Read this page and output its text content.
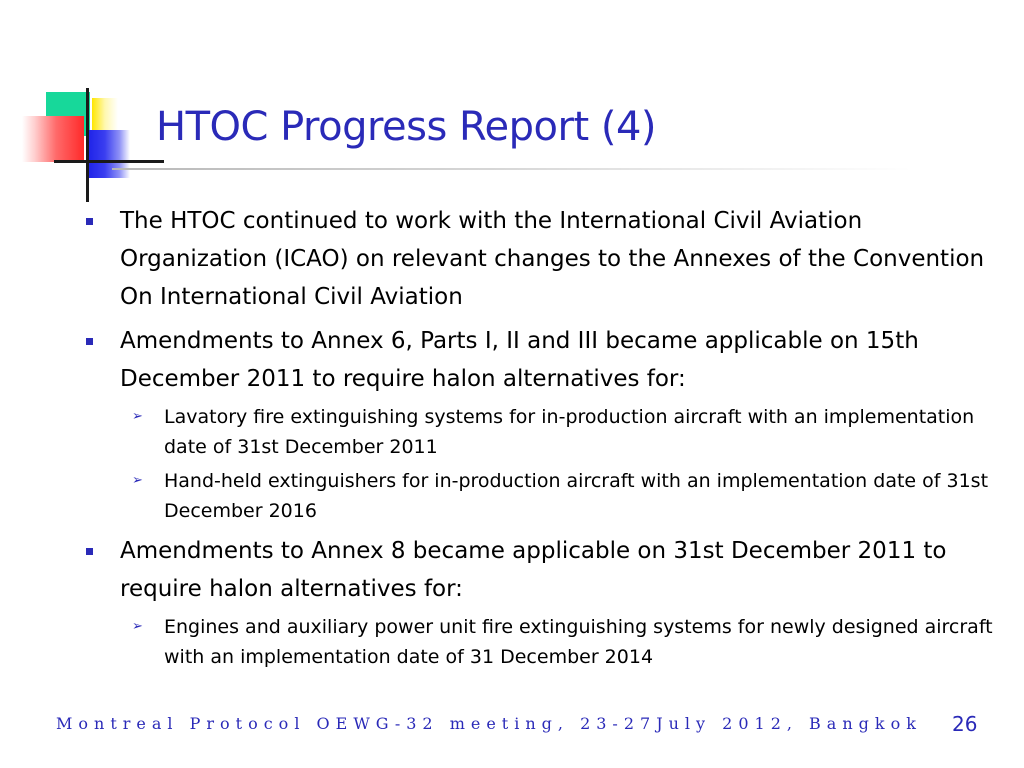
HTOC Progress Report (4)
The HTOC continued to work with the International Civil Aviation Organization (ICAO) on relevant changes to the Annexes of the Convention On International Civil Aviation
Amendments to Annex 6, Parts I, II and III became applicable on 15th December 2011 to require halon alternatives for:
➢ Lavatory fire extinguishing systems for in-production aircraft with an implementation date of 31st December 2011
➢ Hand-held extinguishers for in-production aircraft with an implementation date of 31st December 2016
Amendments to Annex 8 became applicable on 31st December 2011 to require halon alternatives for:
➢ Engines and auxiliary power unit fire extinguishing systems for newly designed aircraft with an implementation date of 31 December 2014
Montreal Protocol OEWG-32 meeting, 23-27July 2012, Bangkok 26
